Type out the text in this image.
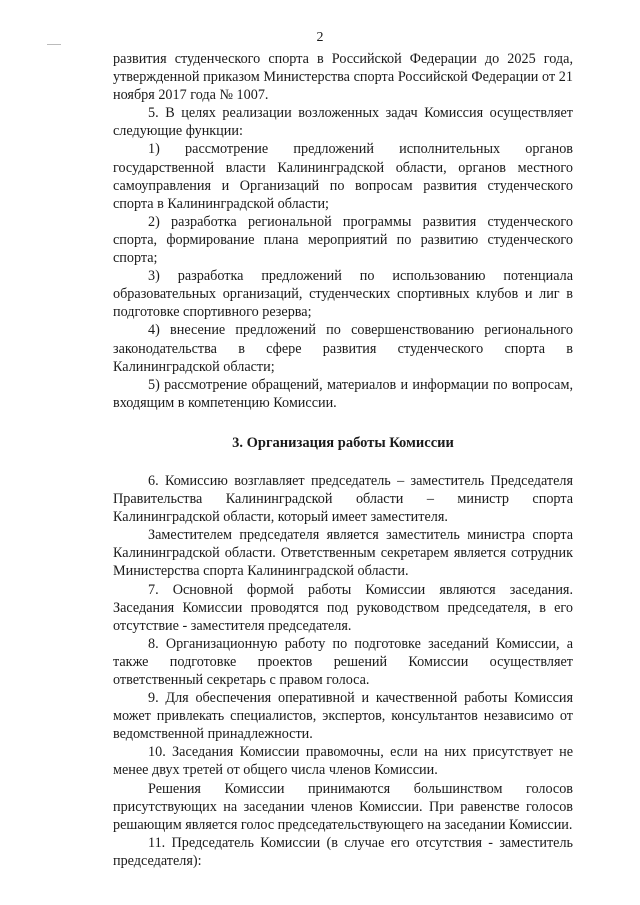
2

развития студенческого спорта в Российской Федерации до 2025 года, утвержденной приказом Министерства спорта Российской Федерации от 21 ноября 2017 года № 1007.

5. В целях реализации возложенных задач Комиссия осуществляет следующие функции:

1) рассмотрение предложений исполнительных органов государственной власти Калининградской области, органов местного самоуправления и Организаций по вопросам развития студенческого спорта в Калининградской области;

2) разработка региональной программы развития студенческого спорта, формирование плана мероприятий по развитию студенческого спорта;

3) разработка предложений по использованию потенциала образовательных организаций, студенческих спортивных клубов и лиг в подготовке спортивного резерва;

4) внесение предложений по совершенствованию регионального законодательства в сфере развития студенческого спорта в Калининградской области;

5) рассмотрение обращений, материалов и информации по вопросам, входящим в компетенцию Комиссии.

3. Организация работы Комиссии

6. Комиссию возглавляет председатель – заместитель Председателя Правительства Калининградской области – министр спорта Калининградской области, который имеет заместителя.

Заместителем председателя является заместитель министра спорта Калининградской области. Ответственным секретарем является сотрудник Министерства спорта Калининградской области.

7. Основной формой работы Комиссии являются заседания. Заседания Комиссии проводятся под руководством председателя, в его отсутствие - заместителя председателя.

8. Организационную работу по подготовке заседаний Комиссии, а также подготовке проектов решений Комиссии осуществляет ответственный секретарь с правом голоса.

9. Для обеспечения оперативной и качественной работы Комиссия может привлекать специалистов, экспертов, консультантов независимо от ведомственной принадлежности.

10. Заседания Комиссии правомочны, если на них присутствует не менее двух третей от общего числа членов Комиссии.

Решения Комиссии принимаются большинством голосов присутствующих на заседании членов Комиссии. При равенстве голосов решающим является голос председательствующего на заседании Комиссии.

11. Председатель Комиссии (в случае его отсутствия - заместитель председателя):
